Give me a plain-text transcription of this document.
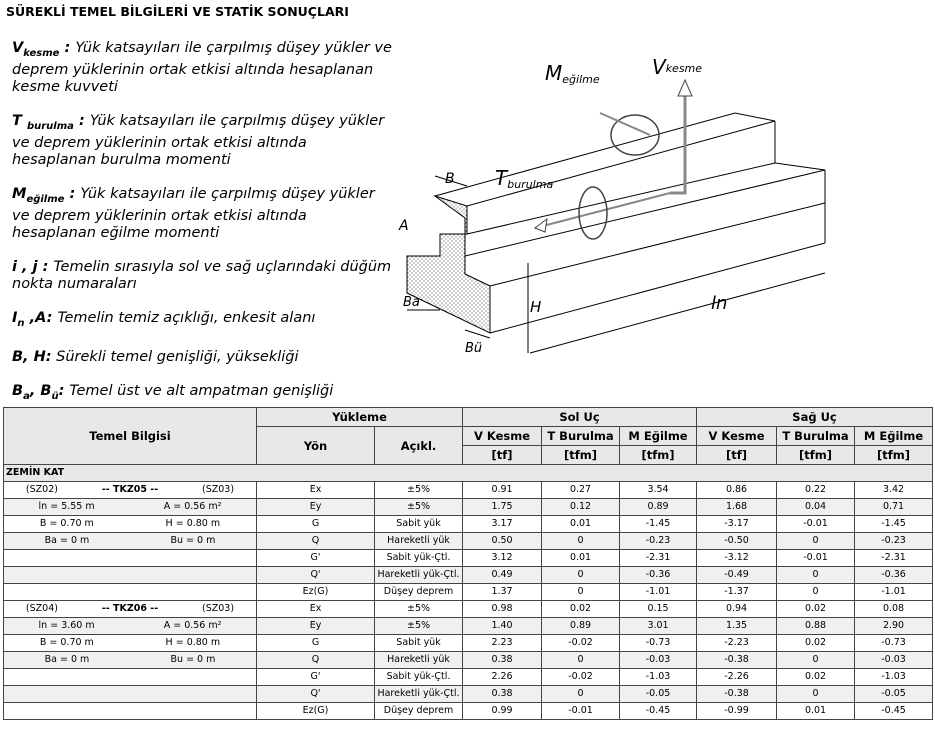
SÜREKLİ TEMEL BİLGİLERİ VE STATİK SONUÇLARI
$V_{kesme}$ : Yük katsayıları ile çarpılmış düşey yükler ve deprem yüklerinin ortak etkisi altında hesaplanan kesme kuvveti
T $_{burulma}$ : Yük katsayıları ile çarpılmış düşey yükler ve deprem yüklerinin ortak etkisi altında hesaplanan burulma momenti
$M_{eğilme}$ : Yük katsayıları ile çarpılmış düşey yükler ve deprem yüklerinin ortak etkisi altında hesaplanan eğilme momenti
i , j : Temelin sırasıyla sol ve sağ uçlarındaki düğüm nokta numaraları
$I_n$ ,A: Temelin temiz açıklığı, enkesit alanı
B, H: Sürekli temel genişliği, yüksekliği
$B_a$, $B_ü$: Temel üst ve alt ampatman genişliği
Meğilme
Vkesme
Tburulma
B
A
Ba
Bü
H	ln
Temel Bilgisi	Yükleme		Sol Uç			Sağ Uç		
	Yön	Açıkl.	V Kesme	T Burulma	M Eğilme	V Kesme	T Burulma	M Eğilme
			[tf]	[tfm]	[tfm]	[tf]	[tfm]	[tfm]
ZEMİN KAT								

(SZ02) -- TKZ05 -- (SZ03)	Ex	±5%	0.91	0.27	3.54	0.86	0.22	3.42

ln = 5.55 m A = 0.56 m²	Ey	±5%	1.75	0.12	0.89	1.68	0.04	0.71

B = 0.70 m H = 0.80 m	G	Sabit yük	3.17	0.01	-1.45	-3.17	-0.01	-1.45

Ba = 0 m Bu = 0 m	Q	Hareketli yük	0.50	0	-0.23	-0.50	0	-0.23

	G'	Sabit yük-Çtl.	3.12	0.01	-2.31	-3.12	-0.01	-2.31

	Q'	Hareketli yük-Çtl.	0.49	0	-0.36	-0.49	0	-0.36

	Ez(G)	Düşey deprem	1.37	0	-1.01	-1.37	0	-1.01

(SZ04) -- TKZ06 -- (SZ03)	Ex	±5%	0.98	0.02	0.15	0.94	0.02	0.08

ln = 3.60 m A = 0.56 m²	Ey	±5%	1.40	0.89	3.01	1.35	0.88	2.90

B = 0.70 m H = 0.80 m	G	Sabit yük	2.23	-0.02	-0.73	-2.23	0.02	-0.73

Ba = 0 m Bu = 0 m	Q	Hareketli yük	0.38	0	-0.03	-0.38	0	-0.03

	G'	Sabit yük-Çtl.	2.26	-0.02	-1.03	-2.26	0.02	-1.03

	Q'	Hareketli yük-Çtl.	0.38	0	-0.05	-0.38	0	-0.05

	Ez(G)	Düşey deprem	0.99	-0.01	-0.45	-0.99	0.01	-0.45
